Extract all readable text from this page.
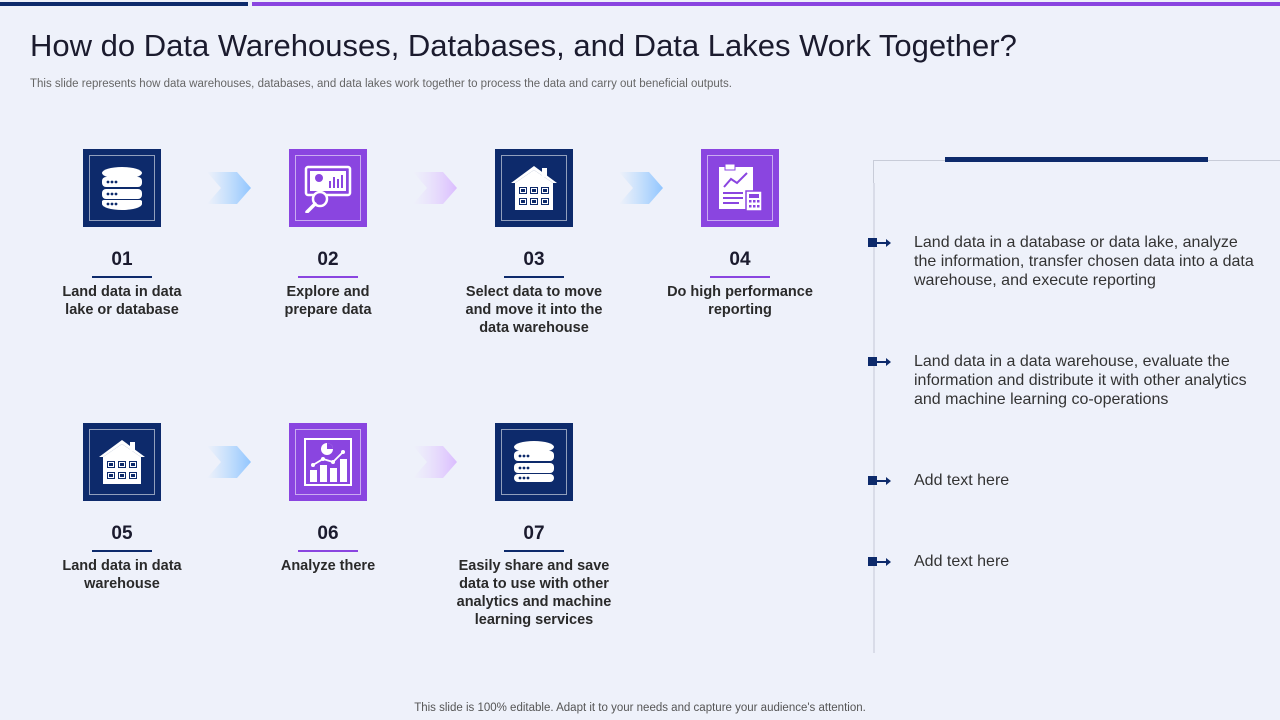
How do Data Warehouses, Databases, and Data Lakes Work Together?
This slide represents how data warehouses, databases, and data lakes work together to process the data and carry out beneficial outputs.
01
Land data in data lake or database
02
Explore and prepare data
03
Select data to move and move it into the data warehouse
04
Do high performance reporting
05
Land data in data warehouse
06
Analyze there
07
Easily share and save data to use with other analytics and machine learning services
Land data in a database or data lake, analyze the information, transfer chosen data into a data warehouse, and execute reporting
Land data in a data warehouse, evaluate the information and distribute it with other analytics and machine learning co-operations
Add text here
Add text here
This slide is 100% editable. Adapt it to your needs and capture your audience's attention.
